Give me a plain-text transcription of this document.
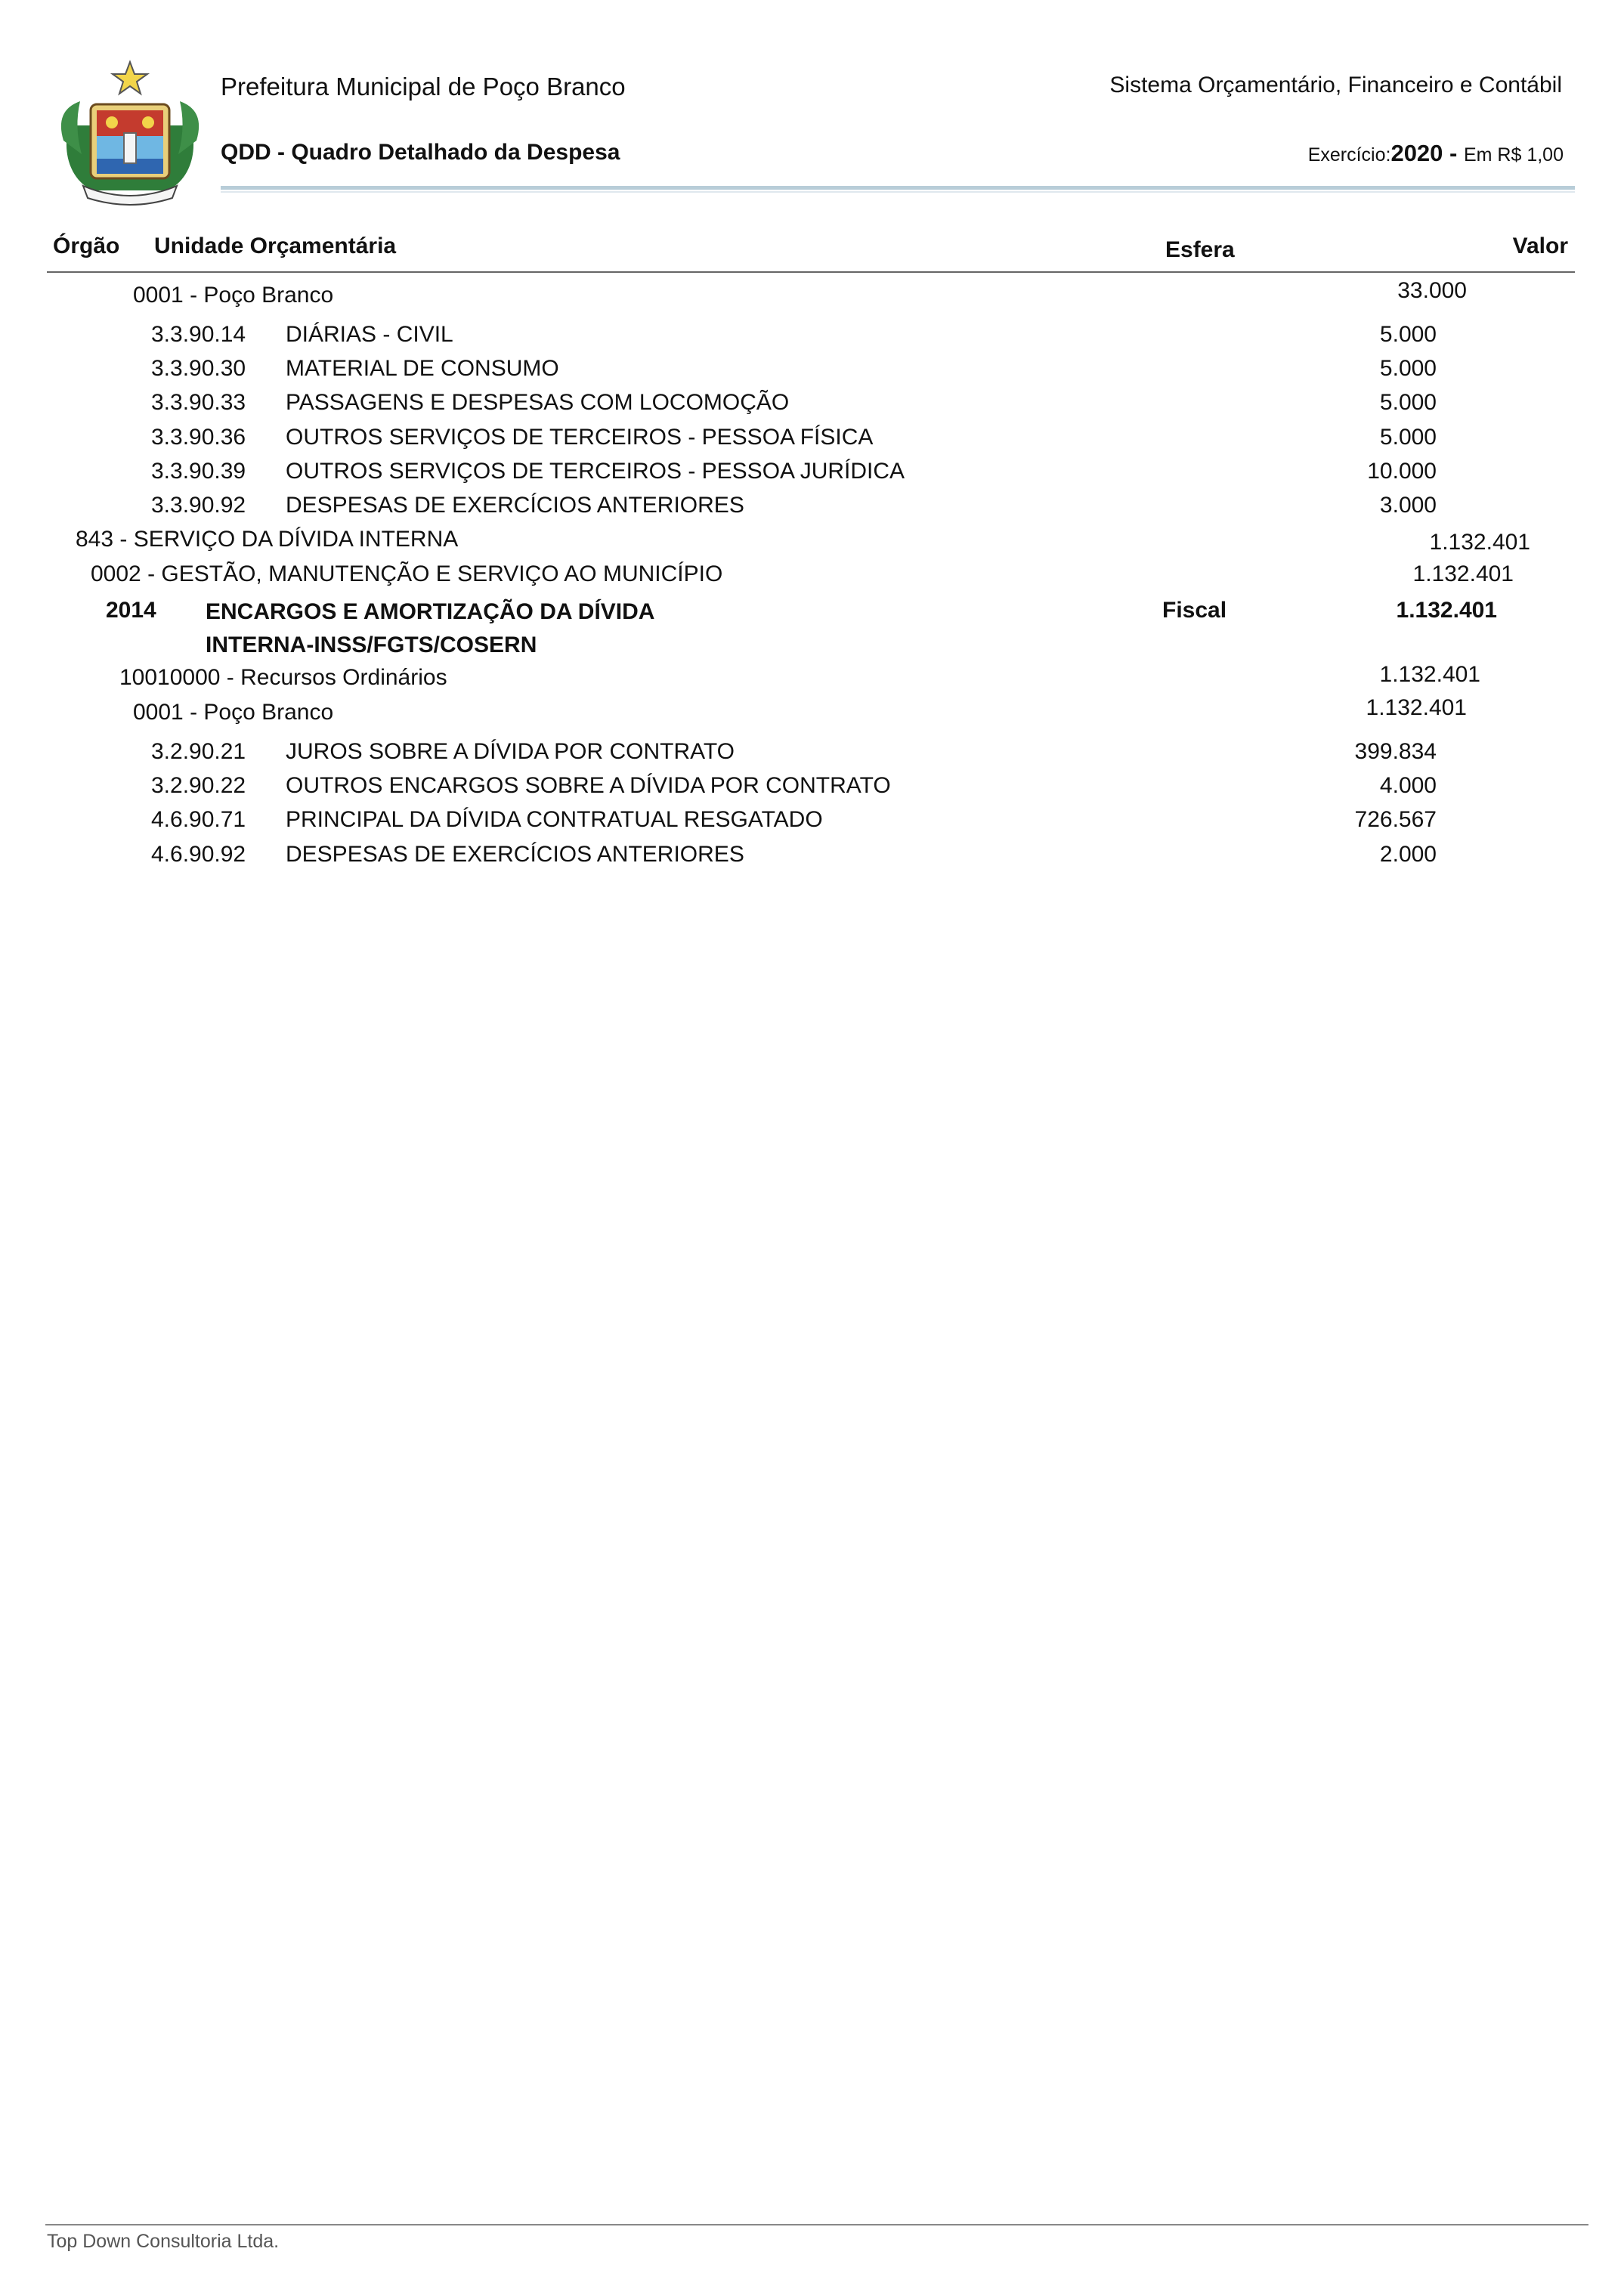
Prefeitura Municipal de Poço Branco	Sistema Orçamentário, Financeiro e Contábil
QDD - Quadro Detalhado da Despesa	Exercício:2020 - Em R$ 1,00
Órgão Unidade Orçamentária	Esfera	Valor
0001 - Poço Branco	33.000
3.3.90.14 DIÁRIAS - CIVIL	5.000
3.3.90.30 MATERIAL DE CONSUMO	5.000
3.3.90.33 PASSAGENS E DESPESAS COM LOCOMOÇÃO	5.000
3.3.90.36 OUTROS SERVIÇOS DE TERCEIROS - PESSOA FÍSICA	5.000
3.3.90.39 OUTROS SERVIÇOS DE TERCEIROS - PESSOA JURÍDICA	10.000
3.3.90.92 DESPESAS DE EXERCÍCIOS ANTERIORES	3.000
843 - SERVIÇO DA DÍVIDA INTERNA	1.132.401
0002 - GESTÃO, MANUTENÇÃO E SERVIÇO AO MUNICÍPIO	1.132.401
2014 ENCARGOS E AMORTIZAÇÃO DA DÍVIDA
INTERNA-INSS/FGTS/COSERN
Fiscal	1.132.401
10010000 - Recursos Ordinários	1.132.401
0001 - Poço Branco	1.132.401
3.2.90.21 JUROS SOBRE A DÍVIDA POR CONTRATO	399.834
3.2.90.22 OUTROS ENCARGOS SOBRE A DÍVIDA POR CONTRATO	4.000
4.6.90.71 PRINCIPAL DA DÍVIDA CONTRATUAL RESGATADO	726.567
4.6.90.92 DESPESAS DE EXERCÍCIOS ANTERIORES	2.000
Top Down Consultoria Ltda.
